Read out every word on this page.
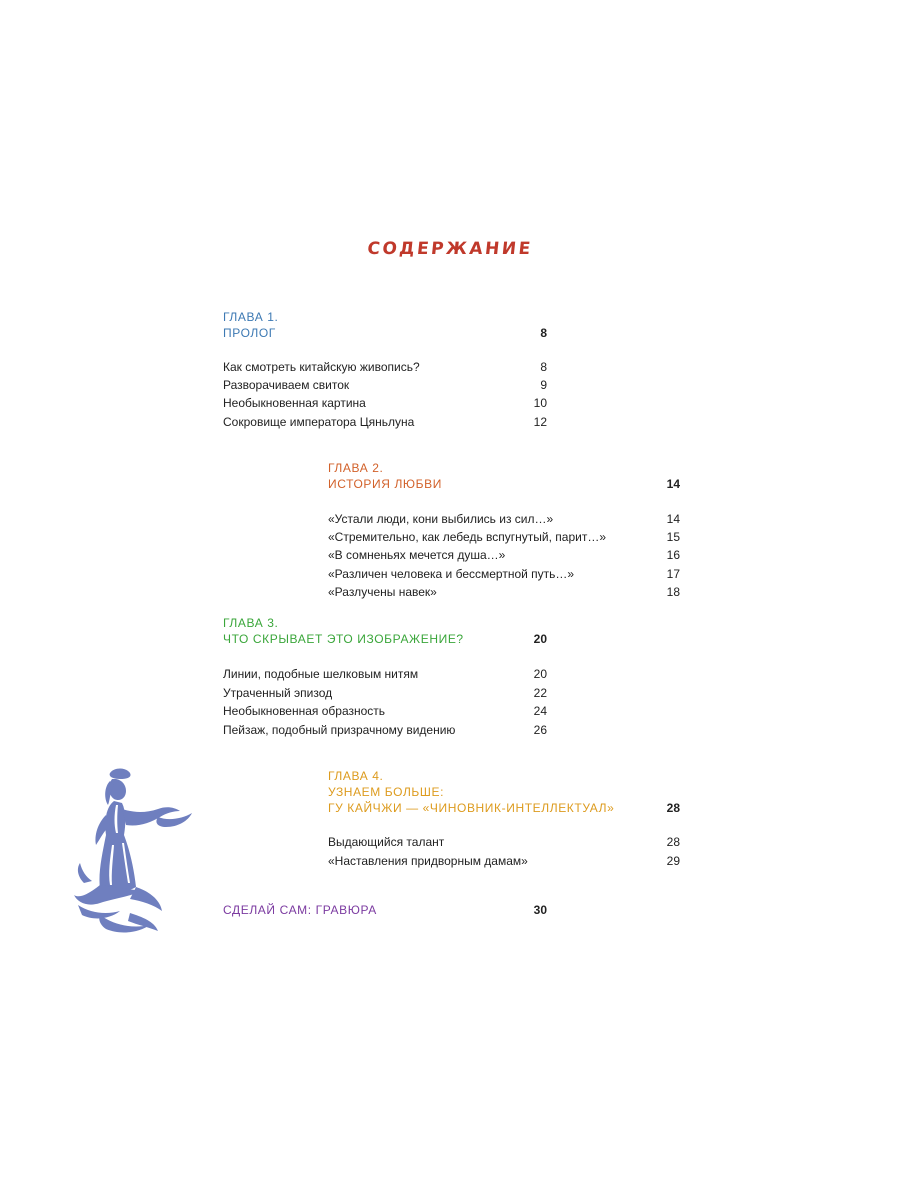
СОДЕРЖАНИЕ
ГЛАВА 1.
ПРОЛОГ	8
Как смотреть китайскую живопись?	8
Разворачиваем свиток	9
Необыкновенная картина	10
Сокровище императора Цяньлуна	12
ГЛАВА 2.
ИСТОРИЯ ЛЮБВИ	14
«Устали люди, кони выбились из сил…»	14
«Стремительно, как лебедь вспугнутый, парит…»	15
«В сомненьях мечется душа…»	16
«Различен человека и бессмертной путь…»	17
«Разлучены навек»	18
ГЛАВА 3.
ЧТО СКРЫВАЕТ ЭТО ИЗОБРАЖЕНИЕ?	20
Линии, подобные шелковым нитям	20
Утраченный эпизод	22
Необыкновенная образность	24
Пейзаж, подобный призрачному видению	26
ГЛАВА 4.
УЗНАЕМ БОЛЬШЕ:
ГУ КАЙЧЖИ — «ЧИНОВНИК-ИНТЕЛЛЕКТУАЛ»	28
Выдающийся талант	28
«Наставления придворным дамам»	29
СДЕЛАЙ САМ: ГРАВЮРА	30
